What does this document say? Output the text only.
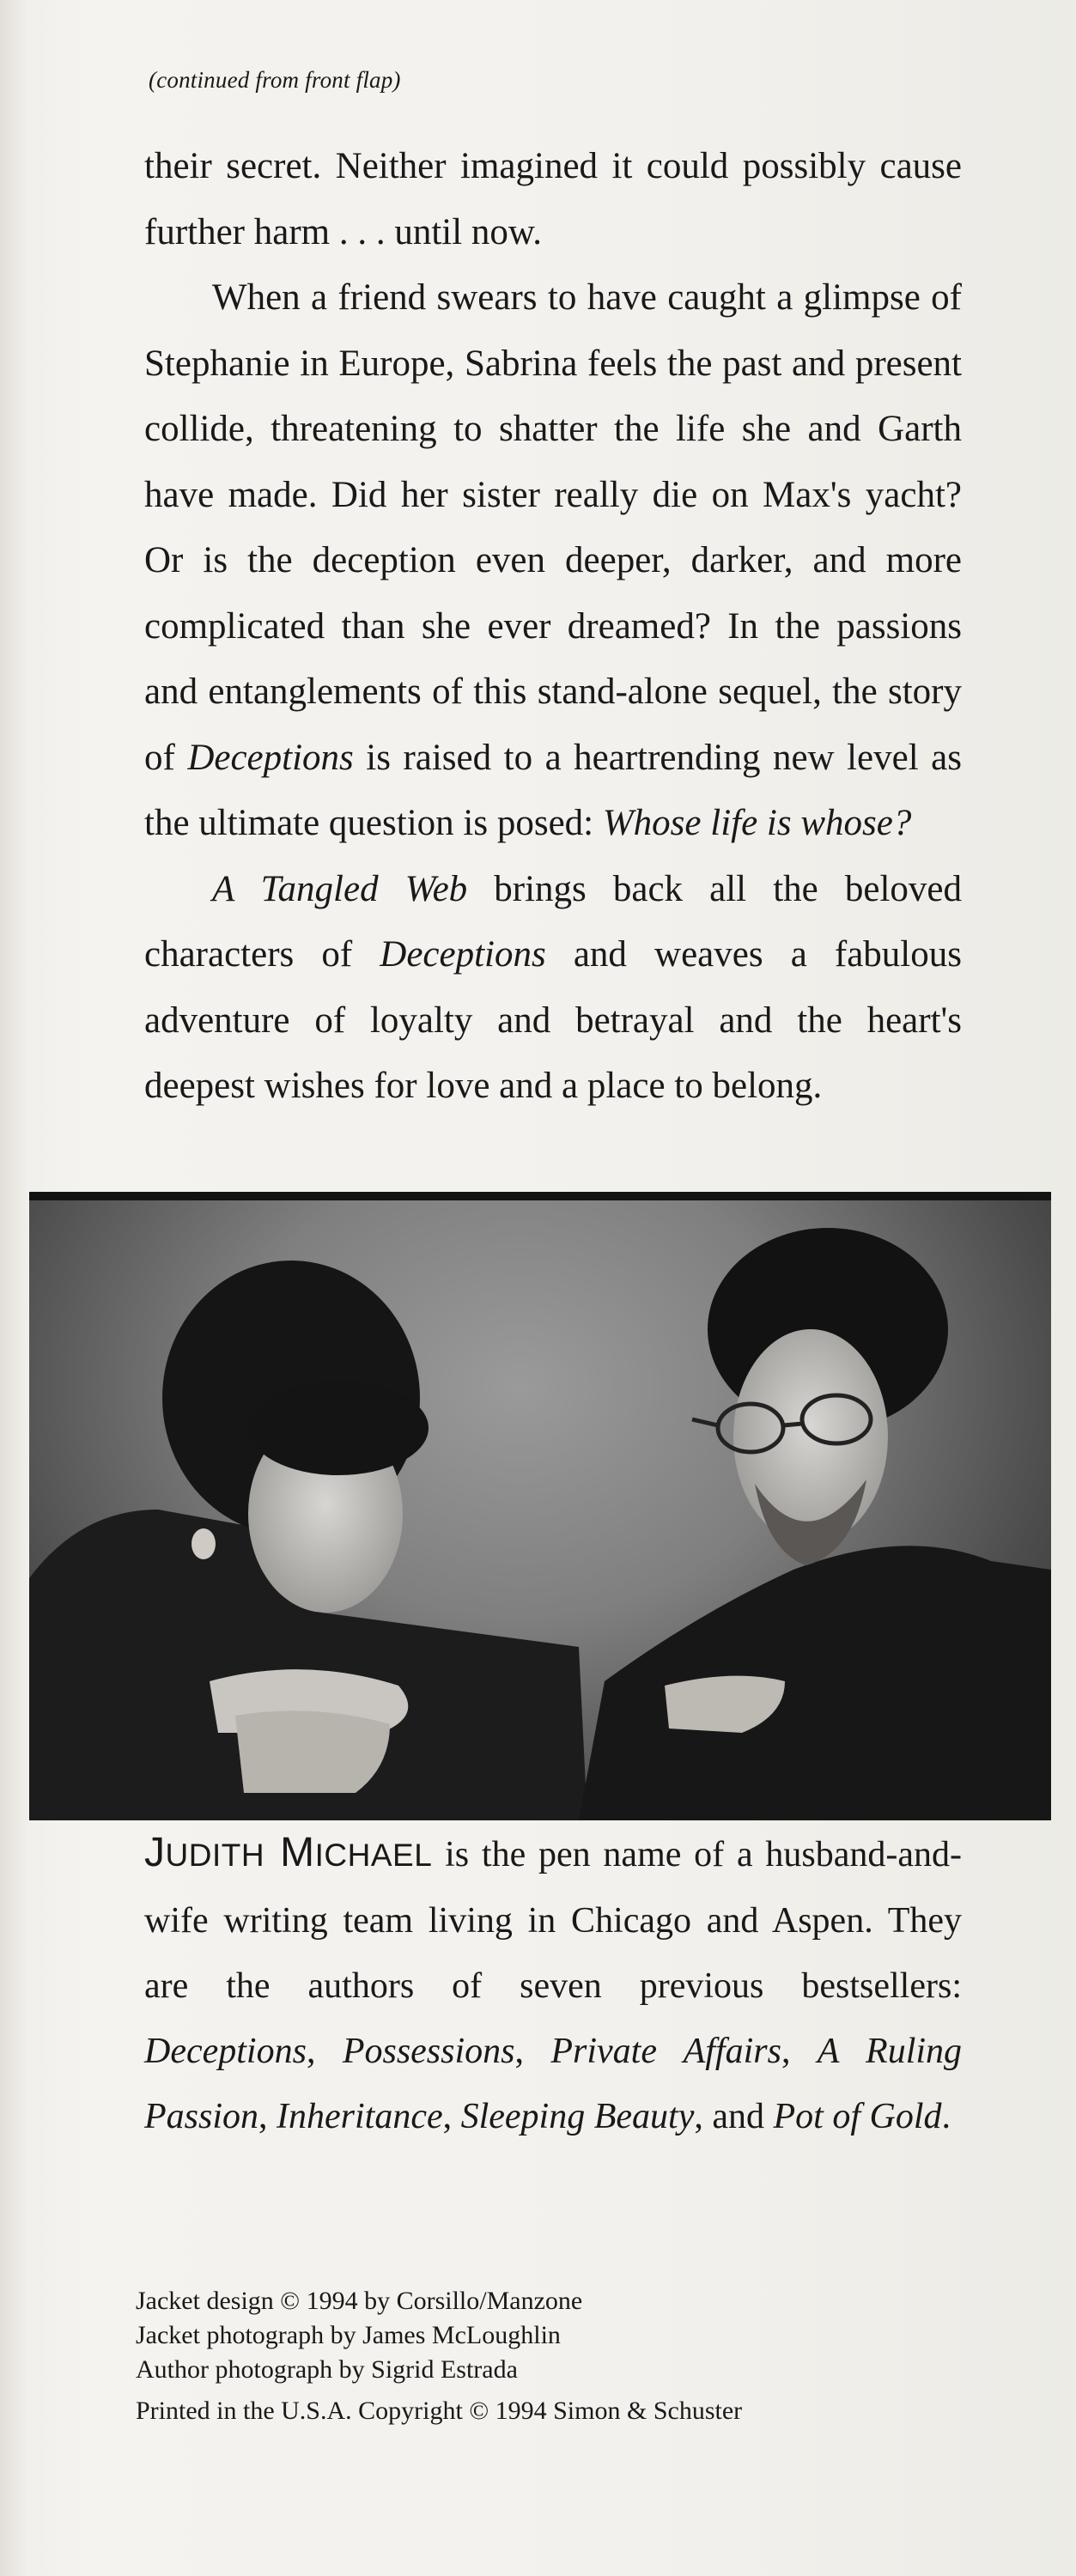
(continued from front flap)

their secret. Neither imagined it could possibly cause further harm . . . until now.

When a friend swears to have caught a glimpse of Stephanie in Europe, Sabrina feels the past and present collide, threatening to shatter the life she and Garth have made. Did her sister really die on Max's yacht? Or is the deception even deeper, darker, and more complicated than she ever dreamed? In the passions and entanglements of this stand-alone sequel, the story of Deceptions is raised to a heartrending new level as the ultimate question is posed: Whose life is whose?

A Tangled Web brings back all the beloved characters of Deceptions and weaves a fabulous adventure of loyalty and betrayal and the heart's deepest wishes for love and a place to belong.

JUDITH MICHAEL is the pen name of a husband-and-wife writing team living in Chicago and Aspen. They are the authors of seven previous bestsellers: Deceptions, Possessions, Private Affairs, A Ruling Passion, Inheritance, Sleeping Beauty, and Pot of Gold.

Jacket design © 1994 by Corsillo/Manzone
Jacket photograph by James McLoughlin
Author photograph by Sigrid Estrada
Printed in the U.S.A. Copyright © 1994 Simon & Schuster
